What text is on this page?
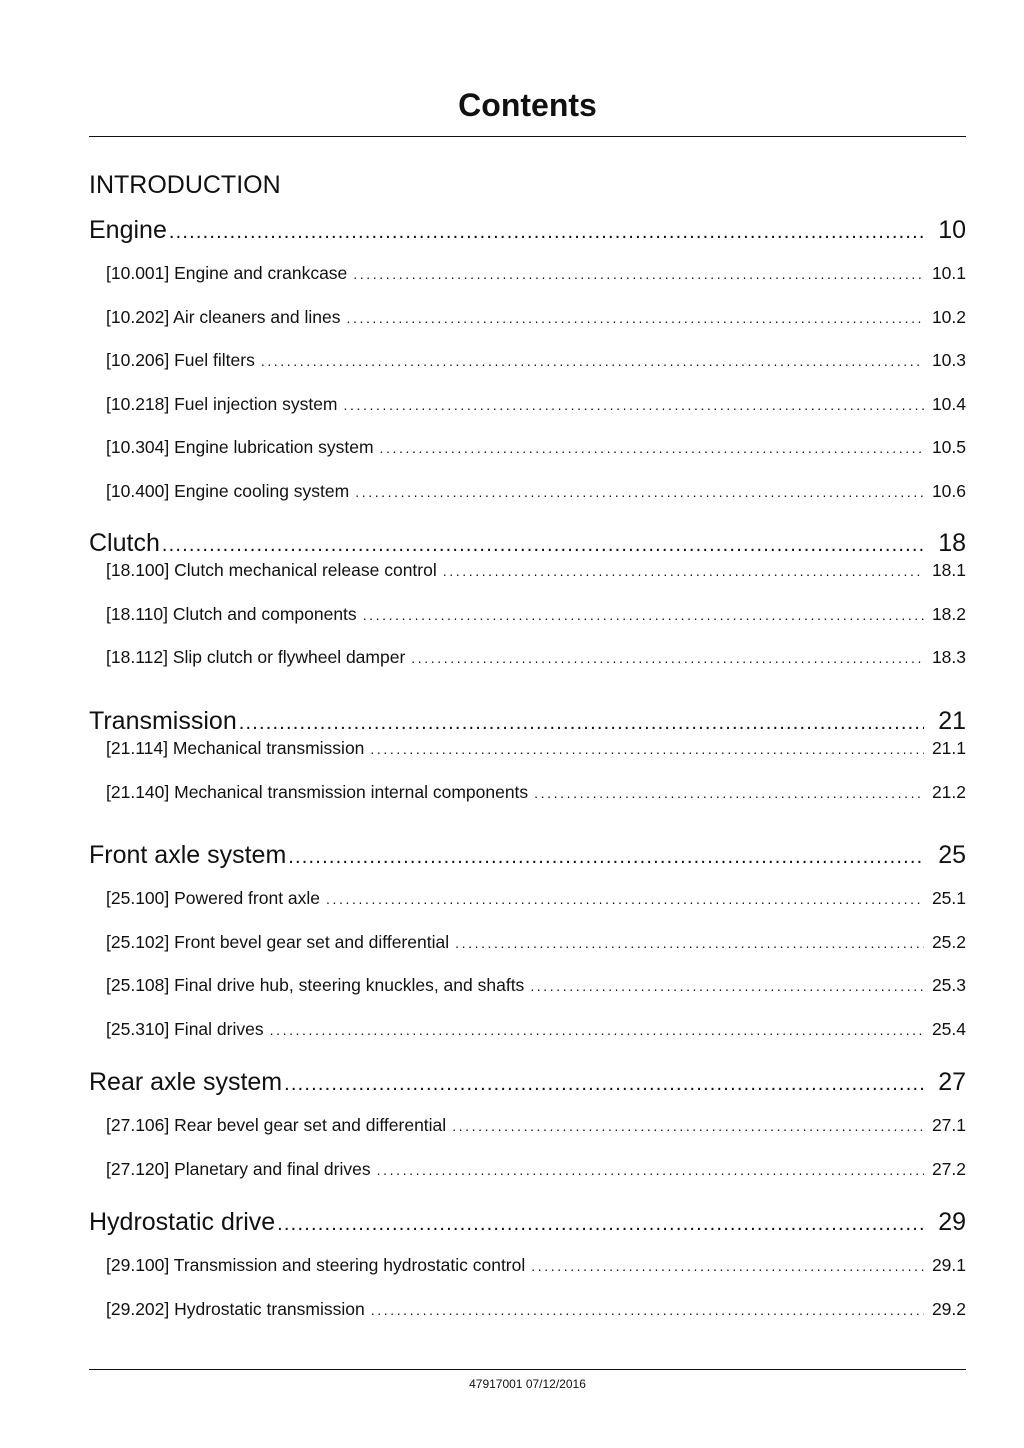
Contents
INTRODUCTION
Engine .....	10
[10.001] Engine and crankcase .....	10.1
[10.202] Air cleaners and lines .....	10.2
[10.206] Fuel filters .....	10.3
[10.218] Fuel injection system .....	10.4
[10.304] Engine lubrication system .....	10.5
[10.400] Engine cooling system .....	10.6
Clutch .....	18
[18.100] Clutch mechanical release control .....	18.1
[18.110] Clutch and components .....	18.2
[18.112] Slip clutch or flywheel damper .....	18.3
Transmission .....	21
[21.114] Mechanical transmission .....	21.1
[21.140] Mechanical transmission internal components .....	21.2
Front axle system .....	25
[25.100] Powered front axle .....	25.1
[25.102] Front bevel gear set and differential .....	25.2
[25.108] Final drive hub, steering knuckles, and shafts .....	25.3
[25.310] Final drives .....	25.4
Rear axle system .....	27
[27.106] Rear bevel gear set and differential .....	27.1
[27.120] Planetary and final drives .....	27.2
Hydrostatic drive .....	29
[29.100] Transmission and steering hydrostatic control .....	29.1
[29.202] Hydrostatic transmission .....	29.2
47917001 07/12/2016
